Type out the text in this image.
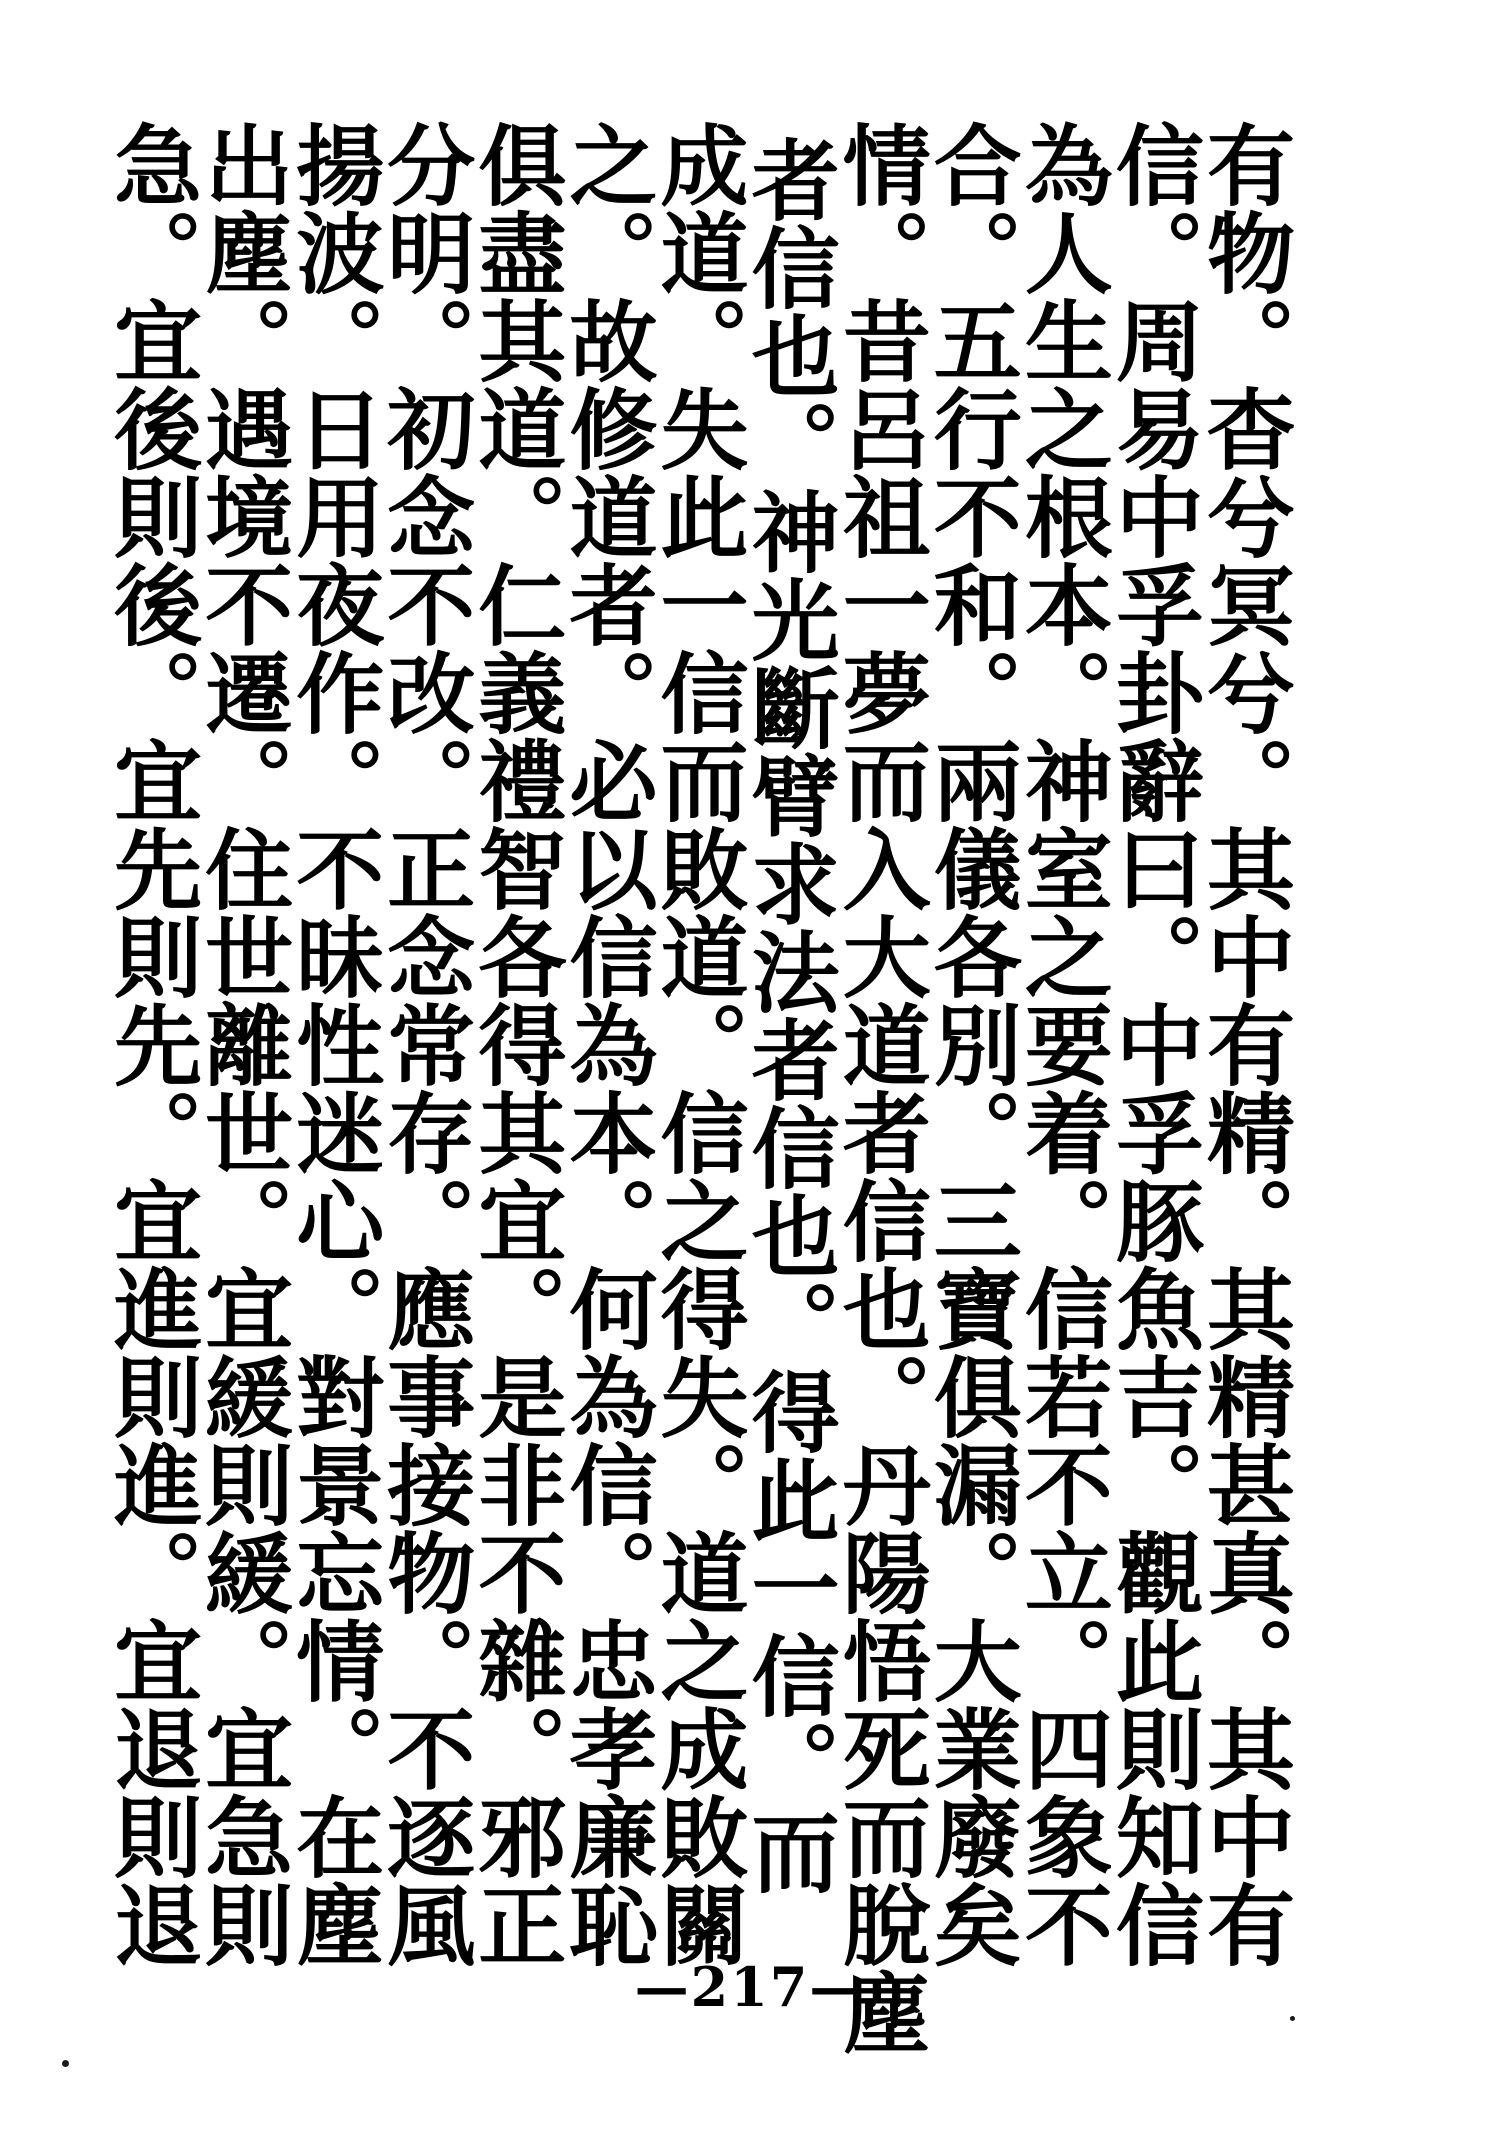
有物。杳兮冥兮。其中有精。其精甚真。其中有
信。周易中孚卦辭曰。中孚豚魚吉。觀此則知信
為人生之根本。神室之要着。信若不立。四象不
合。五行不和。兩儀各別。三寶俱漏。大業廢矣
情。昔呂祖一夢而入大道者信也。丹陽悟死而脫塵
者信也。神光斷臂求法者信也。得此一信。而
成道。失此一信而敗道。信之得失。道之成敗關
之。故修道者。必以信為本。何為信。忠孝廉恥
俱盡其道。仁義禮智各得其宜。是非不雜。邪正
分明。初念不改。正念常存。應事接物。不逐風
揚波。日用夜作。不昧性迷心。對景忘情。在塵
出塵。遇境不遷。住世離世。宜緩則緩。宜急則
急。宜後則後。宜先則先。宜進則進。宜退則退
—217—
